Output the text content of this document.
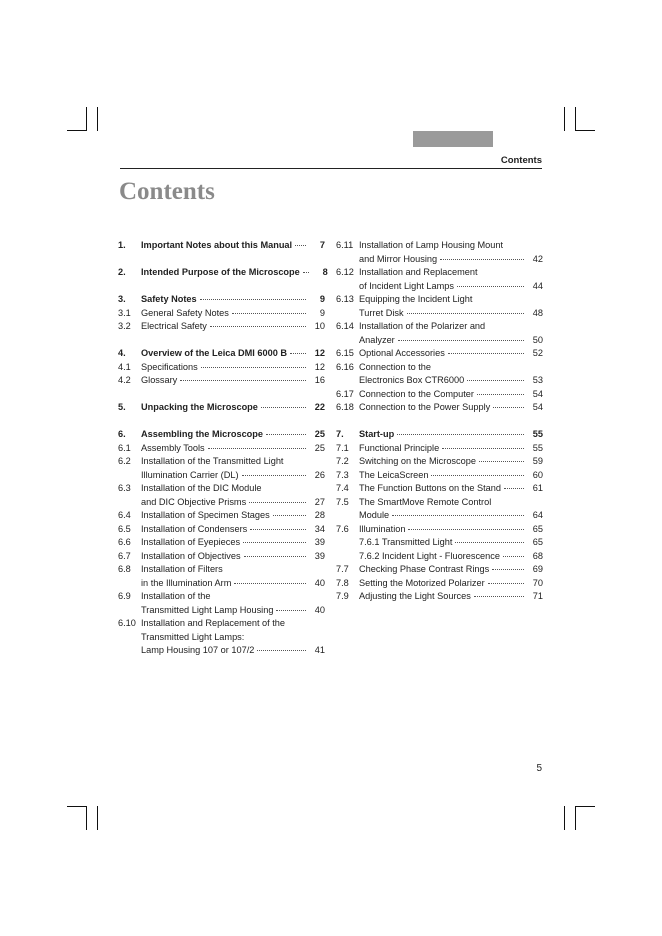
Contents
Contents
1.	Important Notes about this Manual	7
2.	Intended Purpose of the Microscope	8
3.	Safety Notes	9
3.1	General Safety Notes	9
3.2	Electrical Safety	10
4.	Overview of the Leica DMI 6000 B	12
4.1	Specifications	12
4.2	Glossary	16
5.	Unpacking the Microscope	22
6.	Assembling the Microscope	25
6.1	Assembly Tools	25
6.2	Installation of the Transmitted Light
Illumination Carrier (DL)	26
6.3	Installation of the DIC Module
and DIC Objective Prisms	27
6.4	Installation of Specimen Stages	28
6.5	Installation of Condensers	34
6.6	Installation of Eyepieces	39
6.7	Installation of Objectives	39
6.8	Installation of Filters
in the Illumination Arm	40
6.9	Installation of the
Transmitted Light Lamp Housing	40
6.10 Installation and Replacement of the
Transmitted Light Lamps:
Lamp Housing 107 or 107/2	41
6.11 Installation of Lamp Housing Mount
and Mirror Housing	42
6.12 Installation and Replacement
of Incident Light Lamps	44
6.13 Equipping the Incident Light
Turret Disk	48
6.14 Installation of the Polarizer and
Analyzer	50
6.15 Optional Accessories	52
6.16 Connection to the
Electronics Box CTR6000	53
6.17 Connection to the Computer	54
6.18 Connection to the Power Supply	54
7.	Start-up	55
7.1	Functional Principle	55
7.2	Switching on the Microscope	59
7.3	The LeicaScreen	60
7.4	The Function Buttons on the Stand	61
7.5	The SmartMove Remote Control
Module	64
7.6	Illumination	65
7.6.1 Transmitted Light	65
7.6.2 Incident Light - Fluorescence	68
7.7	Checking Phase Contrast Rings	69
7.8	Setting the Motorized Polarizer	70
7.9	Adjusting the Light Sources	71
5
